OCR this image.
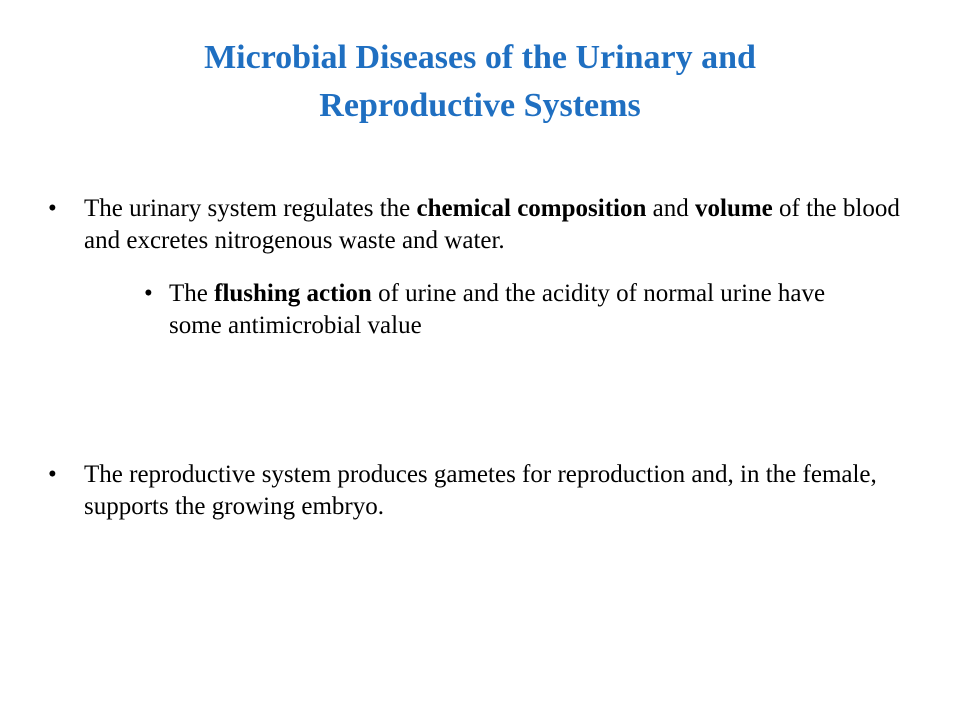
Microbial Diseases of the Urinary and
Reproductive Systems
• The urinary system regulates the chemical composition and volume of the blood and excretes nitrogenous waste and water.
• The flushing action of urine and the acidity of normal urine have some antimicrobial value
• The reproductive system produces gametes for reproduction and, in the female, supports the growing embryo.
